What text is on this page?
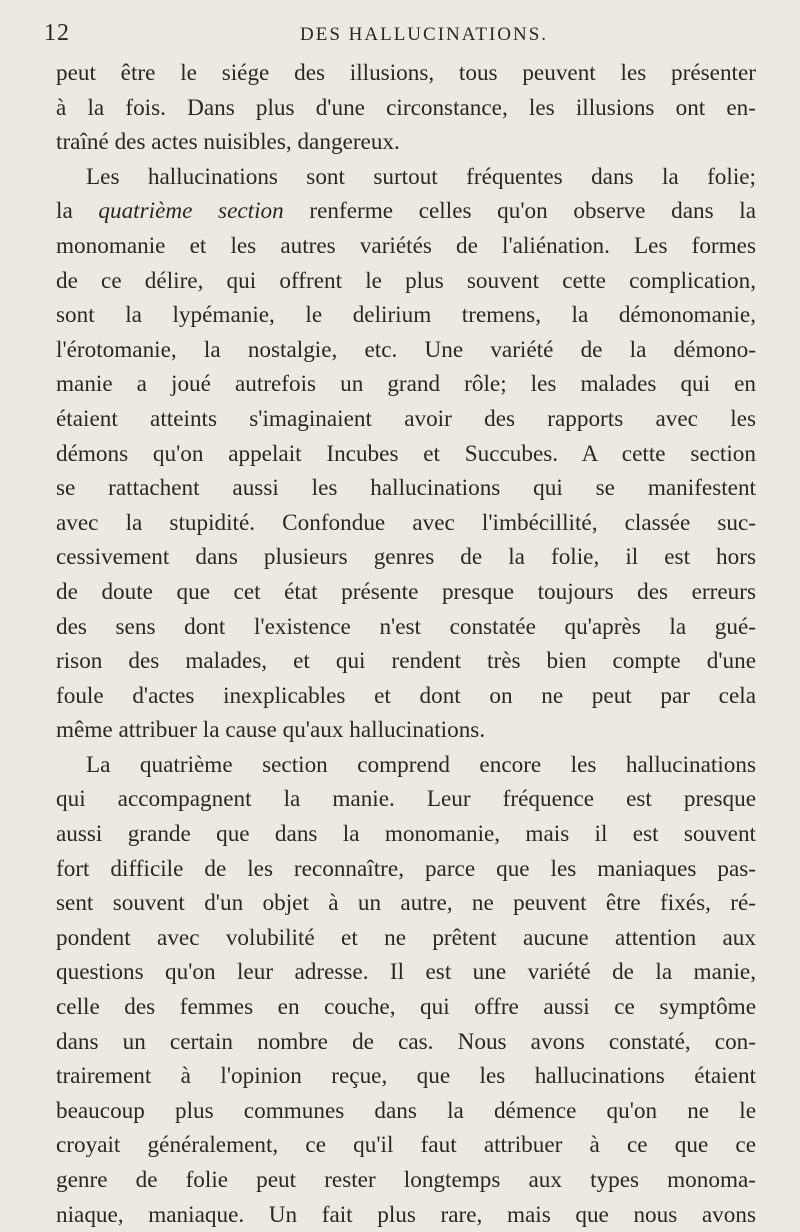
12	DES HALLUCINATIONS.
peut être le siége des illusions, tous peuvent les présenter
à la fois. Dans plus d'une circonstance, les illusions ont en-
traîné des actes nuisibles, dangereux.
Les hallucinations sont surtout fréquentes dans la folie;
la quatrième section renferme celles qu'on observe dans la
monomanie et les autres variétés de l'aliénation. Les formes
de ce délire, qui offrent le plus souvent cette complication,
sont la lypémanie, le delirium tremens, la démonomanie,
l'érotomanie, la nostalgie, etc. Une variété de la démono-
manie a joué autrefois un grand rôle; les malades qui en
étaient atteints s'imaginaient avoir des rapports avec les
démons qu'on appelait Incubes et Succubes. A cette section
se rattachent aussi les hallucinations qui se manifestent
avec la stupidité. Confondue avec l'imbécillité, classée suc-
cessivement dans plusieurs genres de la folie, il est hors
de doute que cet état présente presque toujours des erreurs
des sens dont l'existence n'est constatée qu'après la gué-
rison des malades, et qui rendent très bien compte d'une
foule d'actes inexplicables et dont on ne peut par cela
même attribuer la cause qu'aux hallucinations.
La quatrième section comprend encore les hallucinations
qui accompagnent la manie. Leur fréquence est presque
aussi grande que dans la monomanie, mais il est souvent
fort difficile de les reconnaître, parce que les maniaques pas-
sent souvent d'un objet à un autre, ne peuvent être fixés, ré-
pondent avec volubilité et ne prêtent aucune attention aux
questions qu'on leur adresse. Il est une variété de la manie,
celle des femmes en couche, qui offre aussi ce symptôme
dans un certain nombre de cas. Nous avons constaté, con-
trairement à l'opinion reçue, que les hallucinations étaient
beaucoup plus communes dans la démence qu'on ne le
croyait généralement, ce qu'il faut attribuer à ce que ce
genre de folie peut rester longtemps aux types monoma-
niaque, maniaque. Un fait plus rare, mais que nous avons
